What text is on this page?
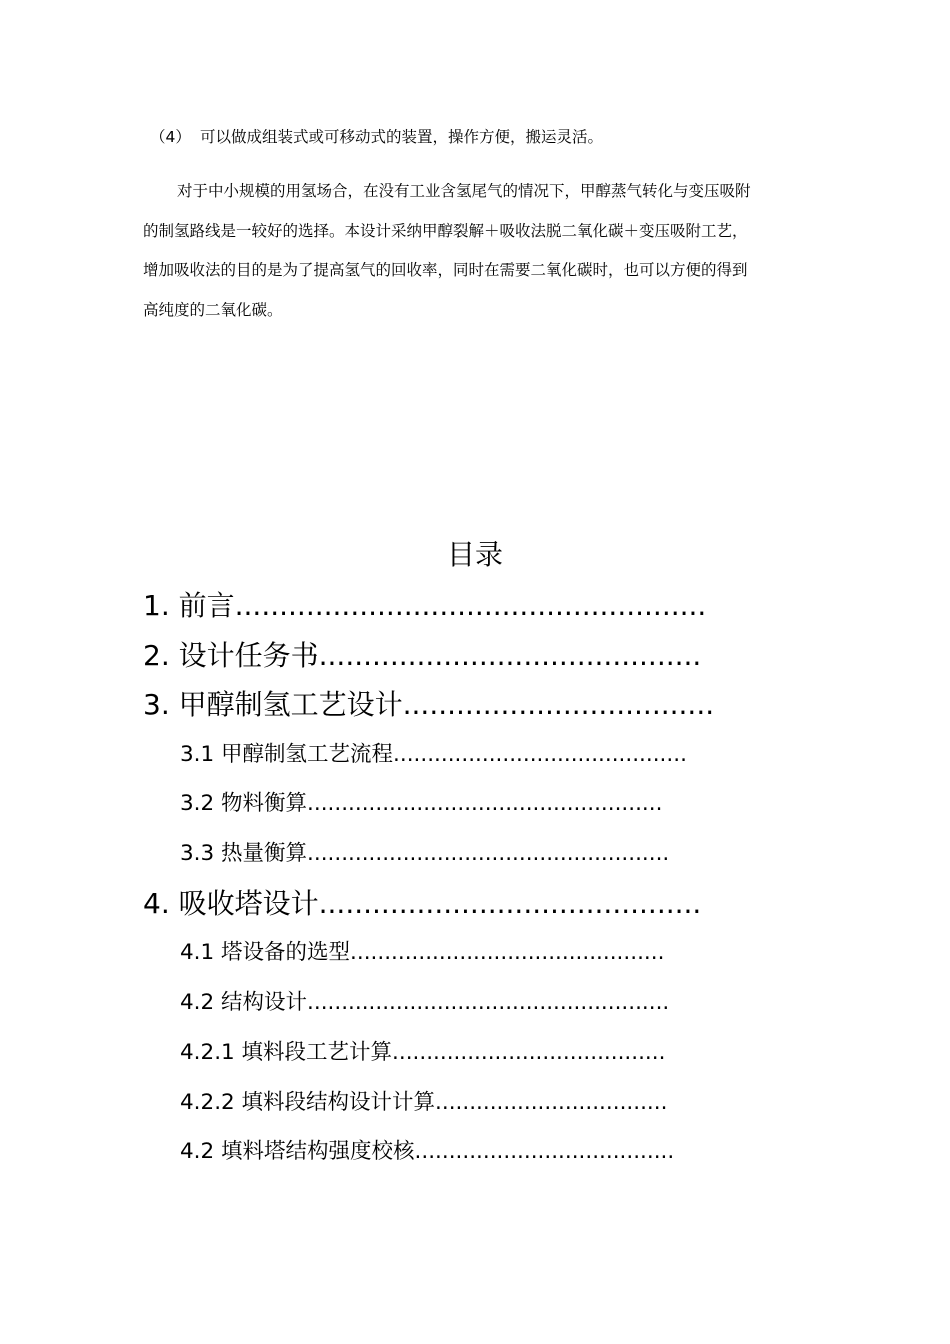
（4） 可以做成组装式或可移动式的装置，操作方便，搬运灵活。

对于中小规模的用氢场合，在没有工业含氢尾气的情况下，甲醇蒸气转化与变压吸附

的制氢路线是一较好的选择。本设计采纳甲醇裂解＋吸收法脱二氧化碳＋变压吸附工艺，

增加吸收法的目的是为了提高氢气的回收率，同时在需要二氧化碳时，也可以方便的得到

高纯度的二氧化碳。

目录
1. 前言.....................................................
2. 设计任务书...........................................
3. 甲醇制氢工艺设计...................................
3.1 甲醇制氢工艺流程...........................................
3.2 物料衡算....................................................
3.3 热量衡算.....................................................
4. 吸收塔设计...........................................
4.1 塔设备的选型..............................................
4.2 结构设计.....................................................
4.2.1 填料段工艺计算........................................
4.2.2 填料段结构设计计算..................................
4.2 填料塔结构强度校核......................................
